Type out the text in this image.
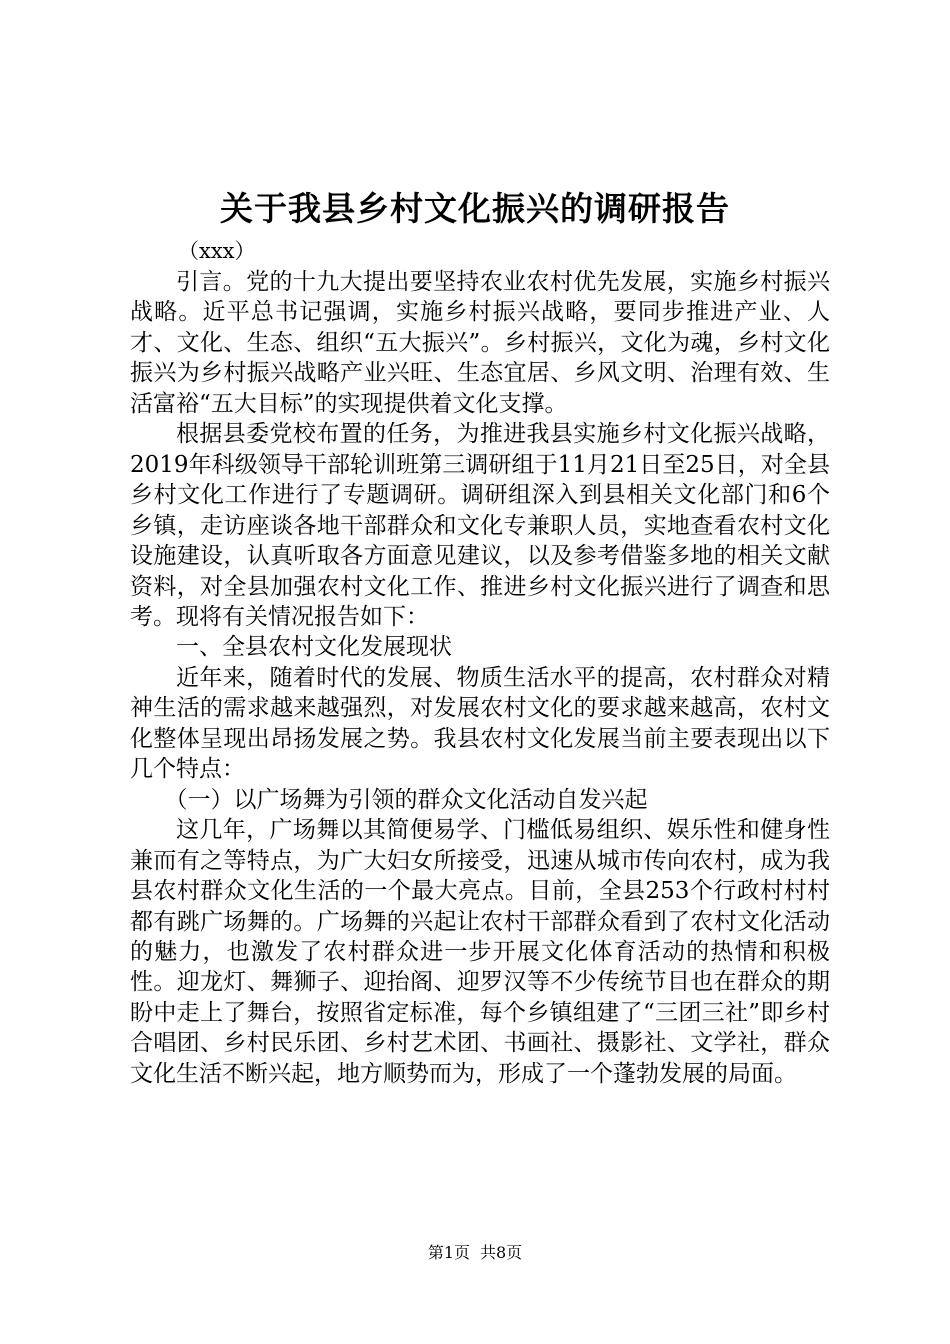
关于我县乡村文化振兴的调研报告
（xxx）

引言。党的十九大提出要坚持农业农村优先发展，实施乡村振兴战略。近平总书记强调，实施乡村振兴战略，要同步推进产业、人才、文化、生态、组织“五大振兴”。乡村振兴，文化为魂，乡村文化振兴为乡村振兴战略产业兴旺、生态宜居、乡风文明、治理有效、生活富裕“五大目标”的实现提供着文化支撑。

根据县委党校布置的任务，为推进我县实施乡村文化振兴战略，2019年科级领导干部轮训班第三调研组于11月21日至25日，对全县乡村文化工作进行了专题调研。调研组深入到县相关文化部门和6个乡镇，走访座谈各地干部群众和文化专兼职人员，实地查看农村文化设施建设，认真听取各方面意见建议，以及参考借鉴多地的相关文献资料，对全县加强农村文化工作、推进乡村文化振兴进行了调查和思考。现将有关情况报告如下：

一、全县农村文化发展现状

近年来，随着时代的发展、物质生活水平的提高，农村群众对精神生活的需求越来越强烈，对发展农村文化的要求越来越高，农村文化整体呈现出昂扬发展之势。我县农村文化发展当前主要表现出以下几个特点：

（一）以广场舞为引领的群众文化活动自发兴起

这几年，广场舞以其简便易学、门槛低易组织、娱乐性和健身性兼而有之等特点，为广大妇女所接受，迅速从城市传向农村，成为我县农村群众文化生活的一个最大亮点。目前，全县253个行政村村村都有跳广场舞的。广场舞的兴起让农村干部群众看到了农村文化活动的魅力，也激发了农村群众进一步开展文化体育活动的热情和积极性。迎龙灯、舞狮子、迎抬阁、迎罗汉等不少传统节目也在群众的期盼中走上了舞台，按照省定标准，每个乡镇组建了“三团三社”即乡村合唱团、乡村民乐团、乡村艺术团、书画社、摄影社、文学社，群众文化生活不断兴起，地方顺势而为，形成了一个蓬勃发展的局面。

第1页 共8页
